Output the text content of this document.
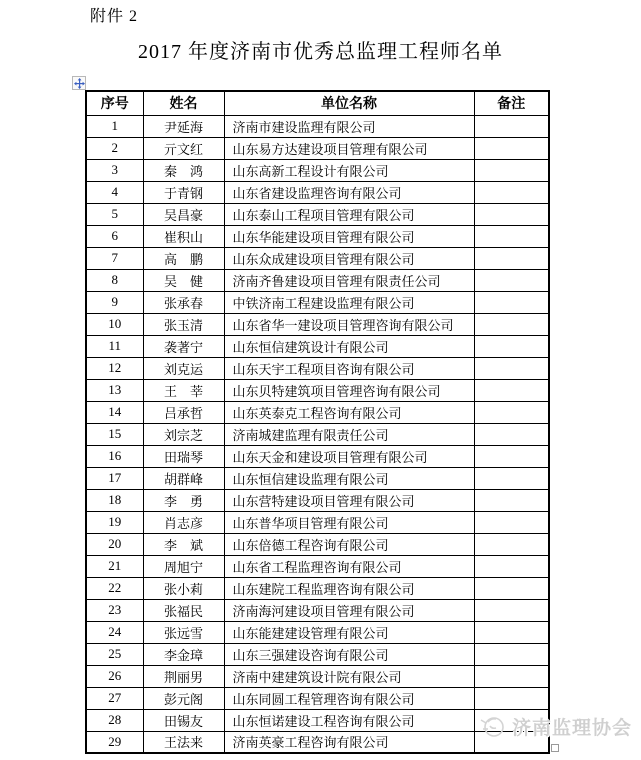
附件 2
2017 年度济南市优秀总监理工程师名单
序号	姓名	单位名称	备注
1	尹延海	济南市建设监理有限公司	
2	亓文红	山东易方达建设项目管理有限公司	
3	秦　鸿	山东高新工程设计有限公司	
4	于青钢	山东省建设监理咨询有限公司	
5	吴昌豪	山东泰山工程项目管理有限公司	
6	崔积山	山东华能建设项目管理有限公司	
7	高　鹏	山东众成建设项目管理有限公司	
8	吴　健	济南齐鲁建设项目管理有限责任公司	
9	张承春	中铁济南工程建设监理有限公司	
10	张玉清	山东省华一建设项目管理咨询有限公司	
11	袭著宁	山东恒信建筑设计有限公司	
12	刘克运	山东天宇工程项目咨询有限公司	
13	王　莘	山东贝特建筑项目管理咨询有限公司	
14	吕承哲	山东英泰克工程咨询有限公司	
15	刘宗芝	济南城建监理有限责任公司	
16	田瑞琴	山东天金和建设项目管理有限公司	
17	胡群峰	山东恒信建设监理有限公司	
18	李　勇	山东营特建设项目管理有限公司	
19	肖志彦	山东普华项目管理有限公司	
20	李　斌	山东倍德工程咨询有限公司	
21	周旭宁	山东省工程监理咨询有限公司	
22	张小莉	山东建院工程监理咨询有限公司	
23	张福民	济南海河建设项目管理有限公司	
24	张远雪	山东能建建设管理有限公司	
25	李金璋	山东三强建设咨询有限公司	
26	荆丽男	济南中建建筑设计院有限公司	
27	彭元阁	山东同圆工程管理咨询有限公司	
28	田锡友	山东恒诺建设工程咨询有限公司	
29	王法来	济南英豪工程咨询有限公司	
济南监理协会
